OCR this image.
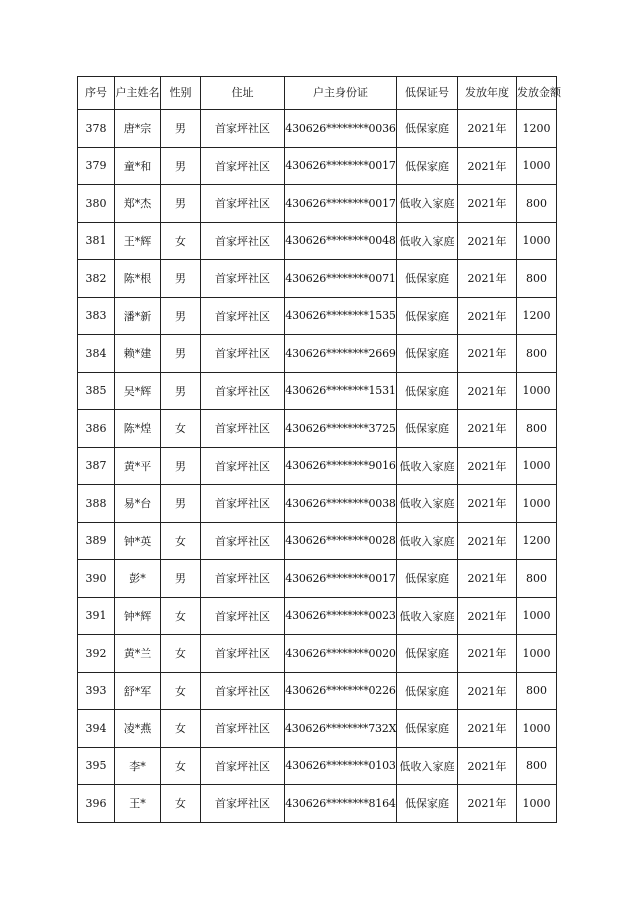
序号	户主姓名	性别	住址	户主身份证	低保证号	发放年度	发放金额
378	唐*宗	男	首家坪社区	430626********0036	低保家庭	2021年	1200
379	童*和	男	首家坪社区	430626********0017	低保家庭	2021年	1000
380	郑*杰	男	首家坪社区	430626********0017	低收入家庭	2021年	800
381	王*辉	女	首家坪社区	430626********0048	低收入家庭	2021年	1000
382	陈*根	男	首家坪社区	430626********0071	低保家庭	2021年	800
383	潘*新	男	首家坪社区	430626********1535	低保家庭	2021年	1200
384	赖*建	男	首家坪社区	430626********2669	低保家庭	2021年	800
385	吴*辉	男	首家坪社区	430626********1531	低保家庭	2021年	1000
386	陈*煌	女	首家坪社区	430626********3725	低保家庭	2021年	800
387	黄*平	男	首家坪社区	430626********9016	低收入家庭	2021年	1000
388	易*台	男	首家坪社区	430626********0038	低收入家庭	2021年	1000
389	钟*英	女	首家坪社区	430626********0028	低收入家庭	2021年	1200
390	彭*	男	首家坪社区	430626********0017	低保家庭	2021年	800
391	钟*辉	女	首家坪社区	430626********0023	低收入家庭	2021年	1000
392	黄*兰	女	首家坪社区	430626********0020	低保家庭	2021年	1000
393	舒*军	女	首家坪社区	430626********0226	低保家庭	2021年	800
394	凌*燕	女	首家坪社区	430626********732X	低保家庭	2021年	1000
395	李*	女	首家坪社区	430626********0103	低收入家庭	2021年	800
396	王*	女	首家坪社区	430626********8164	低保家庭	2021年	1000
